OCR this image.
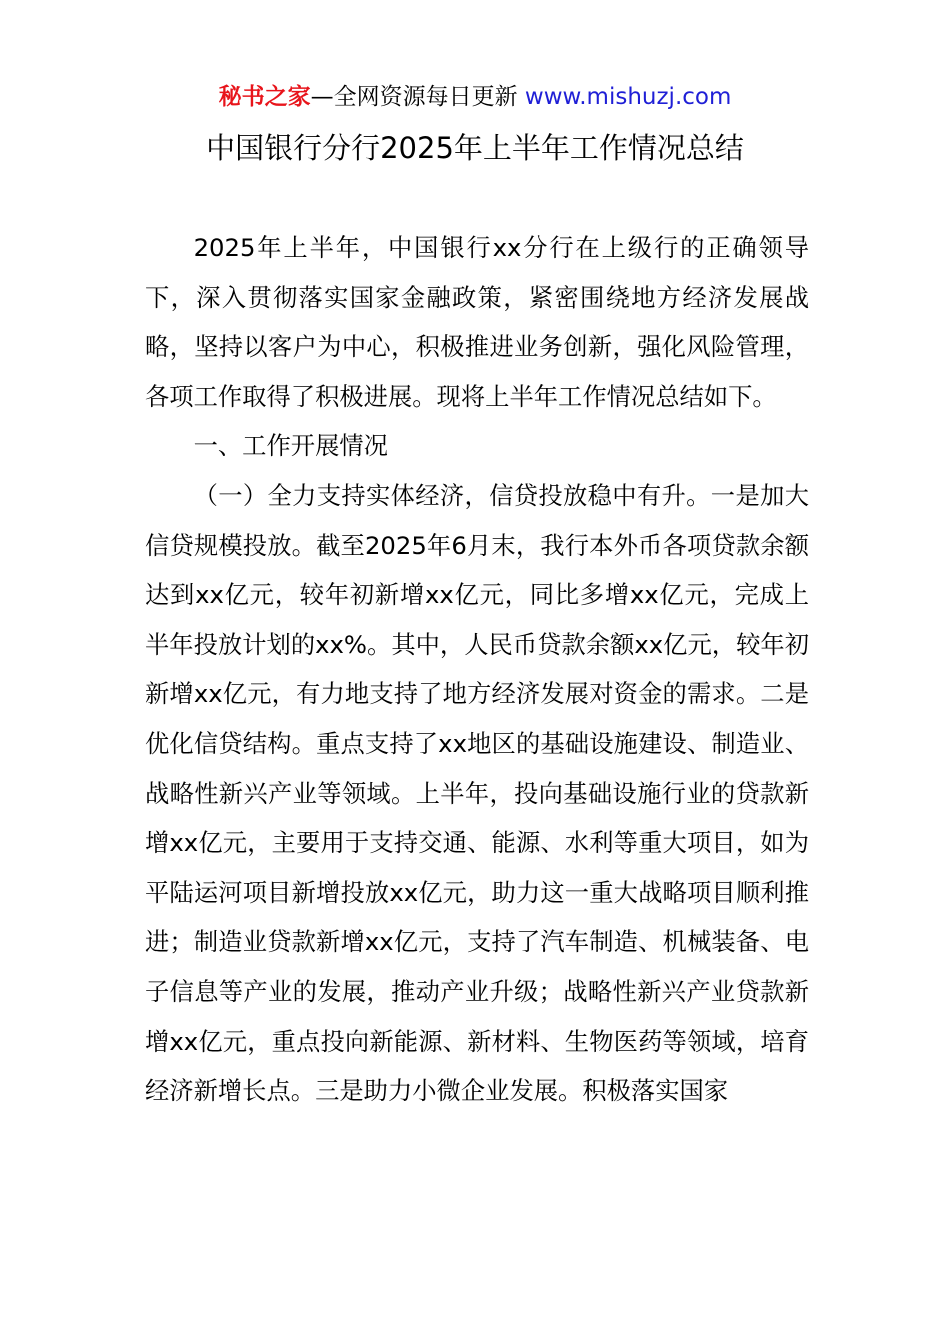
秘书之家—全网资源每日更新 www.mishuzj.com
中国银行分行2025年上半年工作情况总结

2025年上半年，中国银行xx分行在上级行的正确领导下，深入贯彻落实国家金融政策，紧密围绕地方经济发展战略，坚持以客户为中心，积极推进业务创新，强化风险管理，各项工作取得了积极进展。现将上半年工作情况总结如下。

一、工作开展情况

（一）全力支持实体经济，信贷投放稳中有升。一是加大信贷规模投放。截至2025年6月末，我行本外币各项贷款余额达到xx亿元，较年初新增xx亿元，同比多增xx亿元，完成上半年投放计划的xx%。其中，人民币贷款余额xx亿元，较年初新增xx亿元，有力地支持了地方经济发展对资金的需求。二是优化信贷结构。重点支持了xx地区的基础设施建设、制造业、战略性新兴产业等领域。上半年，投向基础设施行业的贷款新增xx亿元，主要用于支持交通、能源、水利等重大项目，如为平陆运河项目新增投放xx亿元，助力这一重大战略项目顺利推进；制造业贷款新增xx亿元，支持了汽车制造、机械装备、电子信息等产业的发展，推动产业升级；战略性新兴产业贷款新增xx亿元，重点投向新能源、新材料、生物医药等领域，培育经济新增长点。三是助力小微企业发展。积极落实国家
